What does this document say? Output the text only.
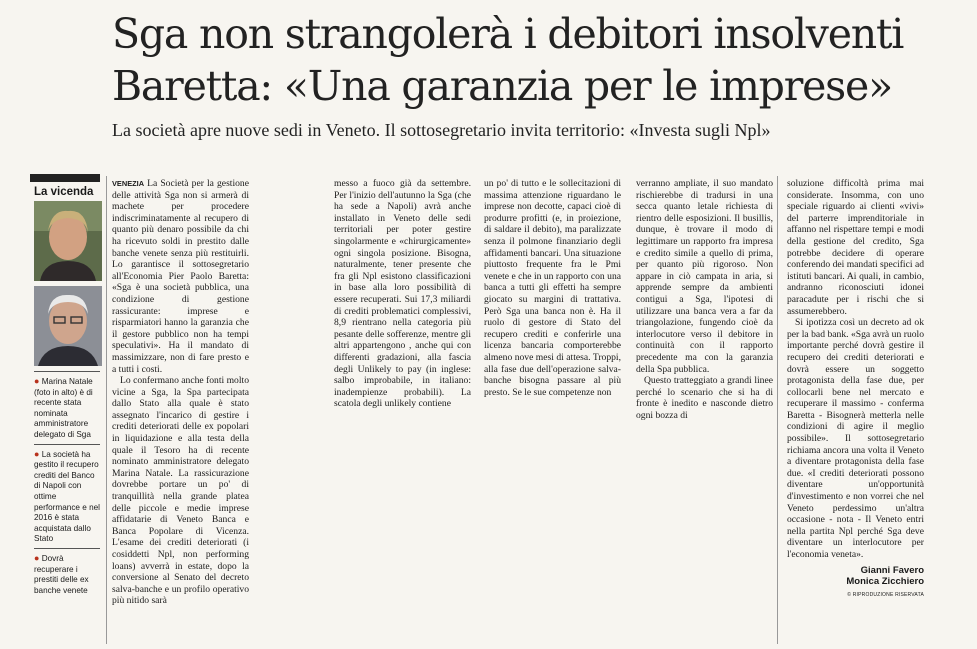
Sga non strangolerà i debitori insolventi
Baretta: «Una garanzia per le imprese»

La società apre nuove sedi in Veneto. Il sottosegretario invita territorio: «Investa sugli Npl»

La vicenda

● Marina Natale (foto in alto) è di recente stata nominata amministratore delegato di Sga

● La società ha gestito il recupero crediti del Banco di Napoli con ottime performance e nel 2016 è stata acquistata dallo Stato

● Dovrà recuperare i prestiti delle ex banche venete

VENEZIA La Società per la gestione delle attività Sga non si armerà di machete per procedere indiscriminatamente al recupero di quanto più denaro possibile da chi ha ricevuto soldi in prestito dalle banche venete senza più restituirli. Lo garantisce il sottosegretario all'Economia Pier Paolo Baretta: «Sga è una società pubblica, una condizione di gestione rassicurante: imprese e risparmiatori hanno la garanzia che il gestore pubblico non ha tempi speculativi». Ha il mandato di massimizzare, non di fare presto e a tutti i costi.

Lo confermano anche fonti molto vicine a Sga, la Spa partecipata dallo Stato alla quale è stato assegnato l'incarico di gestire i crediti deteriorati delle ex popolari in liquidazione e alla testa della quale il Tesoro ha di recente nominato amministratore delegato Marina Natale. La rassicurazione dovrebbe portare un po' di tranquillità nella grande platea delle piccole e medie imprese affidatarie di Veneto Banca e Banca Popolare di Vicenza. L'esame dei crediti deteriorati (i cosiddetti Npl, non performing loans) avverrà in estate, dopo la conversione al Senato del decreto salva-banche e un profilo operativo più nitido sarà

messo a fuoco già da settembre. Per l'inizio dell'autunno la Sga (che ha sede a Napoli) avrà anche installato in Veneto delle sedi territoriali per poter gestire singolarmente e «chirurgicamente» ogni singola posizione. Bisogna, naturalmente, tener presente che fra gli Npl esistono classificazioni in base alla loro possibilità di essere recuperati. Sui 17,3 miliardi di crediti problematici complessivi, 8,9 rientrano nella categoria più pesante delle sofferenze, mentre gli altri appartengono , anche qui con differenti gradazioni, alla fascia degli Unlikely to pay (in inglese: salbo improbabile, in italiano: inadempienze probabili). La scatola degli unlikely contiene

un po' di tutto e le sollecitazioni di massima attenzione riguardano le imprese non decotte, capaci cioè di produrre profitti (e, in proiezione, di saldare il debito), ma paralizzate senza il polmone finanziario degli affidamenti bancari. Una situazione piuttosto frequente fra le Pmi venete e che in un rapporto con una banca a tutti gli effetti ha sempre giocato su margini di trattativa. Però Sga una banca non è. Ha il ruolo di gestore di Stato del recupero crediti e conferirle una licenza bancaria comporterebbe almeno nove mesi di attesa. Troppi, alla fase due dell'operazione salva-banche bisogna passare al più presto. Se le sue competenze non

verranno ampliate, il suo mandato rischierebbe di tradursi in una secca quanto letale richiesta di rientro delle esposizioni. Il busillis, dunque, è trovare il modo di legittimare un rapporto fra impresa e credito simile a quello di prima, per quanto più rigoroso. Non appare in ciò campata in aria, si apprende sempre da ambienti contigui a Sga, l'ipotesi di utilizzare una banca vera a far da triangolazione, fungendo cioè da interlocutore verso il debitore in continuità con il rapporto precedente ma con la garanzia della Spa pubblica.

Questo tratteggiato a grandi linee perché lo scenario che si ha di fronte è inedito e nasconde dietro ogni bozza di

soluzione difficoltà prima mai considerate. Insomma, con uno speciale riguardo ai clienti «vivi» del parterre imprenditoriale in affanno nel rispettare tempi e modi della gestione del credito, Sga potrebbe decidere di operare conferendo dei mandati specifici ad istituti bancari. Ai quali, in cambio, andranno riconosciuti idonei paracadute per i rischi che si assumerebbero.

Si ipotizza così un decreto ad ok per la bad bank. «Sga avrà un ruolo importante perché dovrà gestire il recupero dei crediti deteriorati e dovrà essere un soggetto protagonista della fase due, per collocarli bene nel mercato e recuperare il massimo - conferma Baretta - Bisognerà metterla nelle condizioni di agire il meglio possibile». Il sottosegretario richiama ancora una volta il Veneto a diventare protagonista della fase due. «I crediti deteriorati possono diventare un'opportunità d'investimento e non vorrei che nel Veneto perdessimo un'altra occasione - nota - Il Veneto entri nella partita Npl perché Sga deve diventare un interlocutore per l'economia veneta».

Gianni Favero
Monica Zicchiero
© RIPRODUZIONE RISERVATA
